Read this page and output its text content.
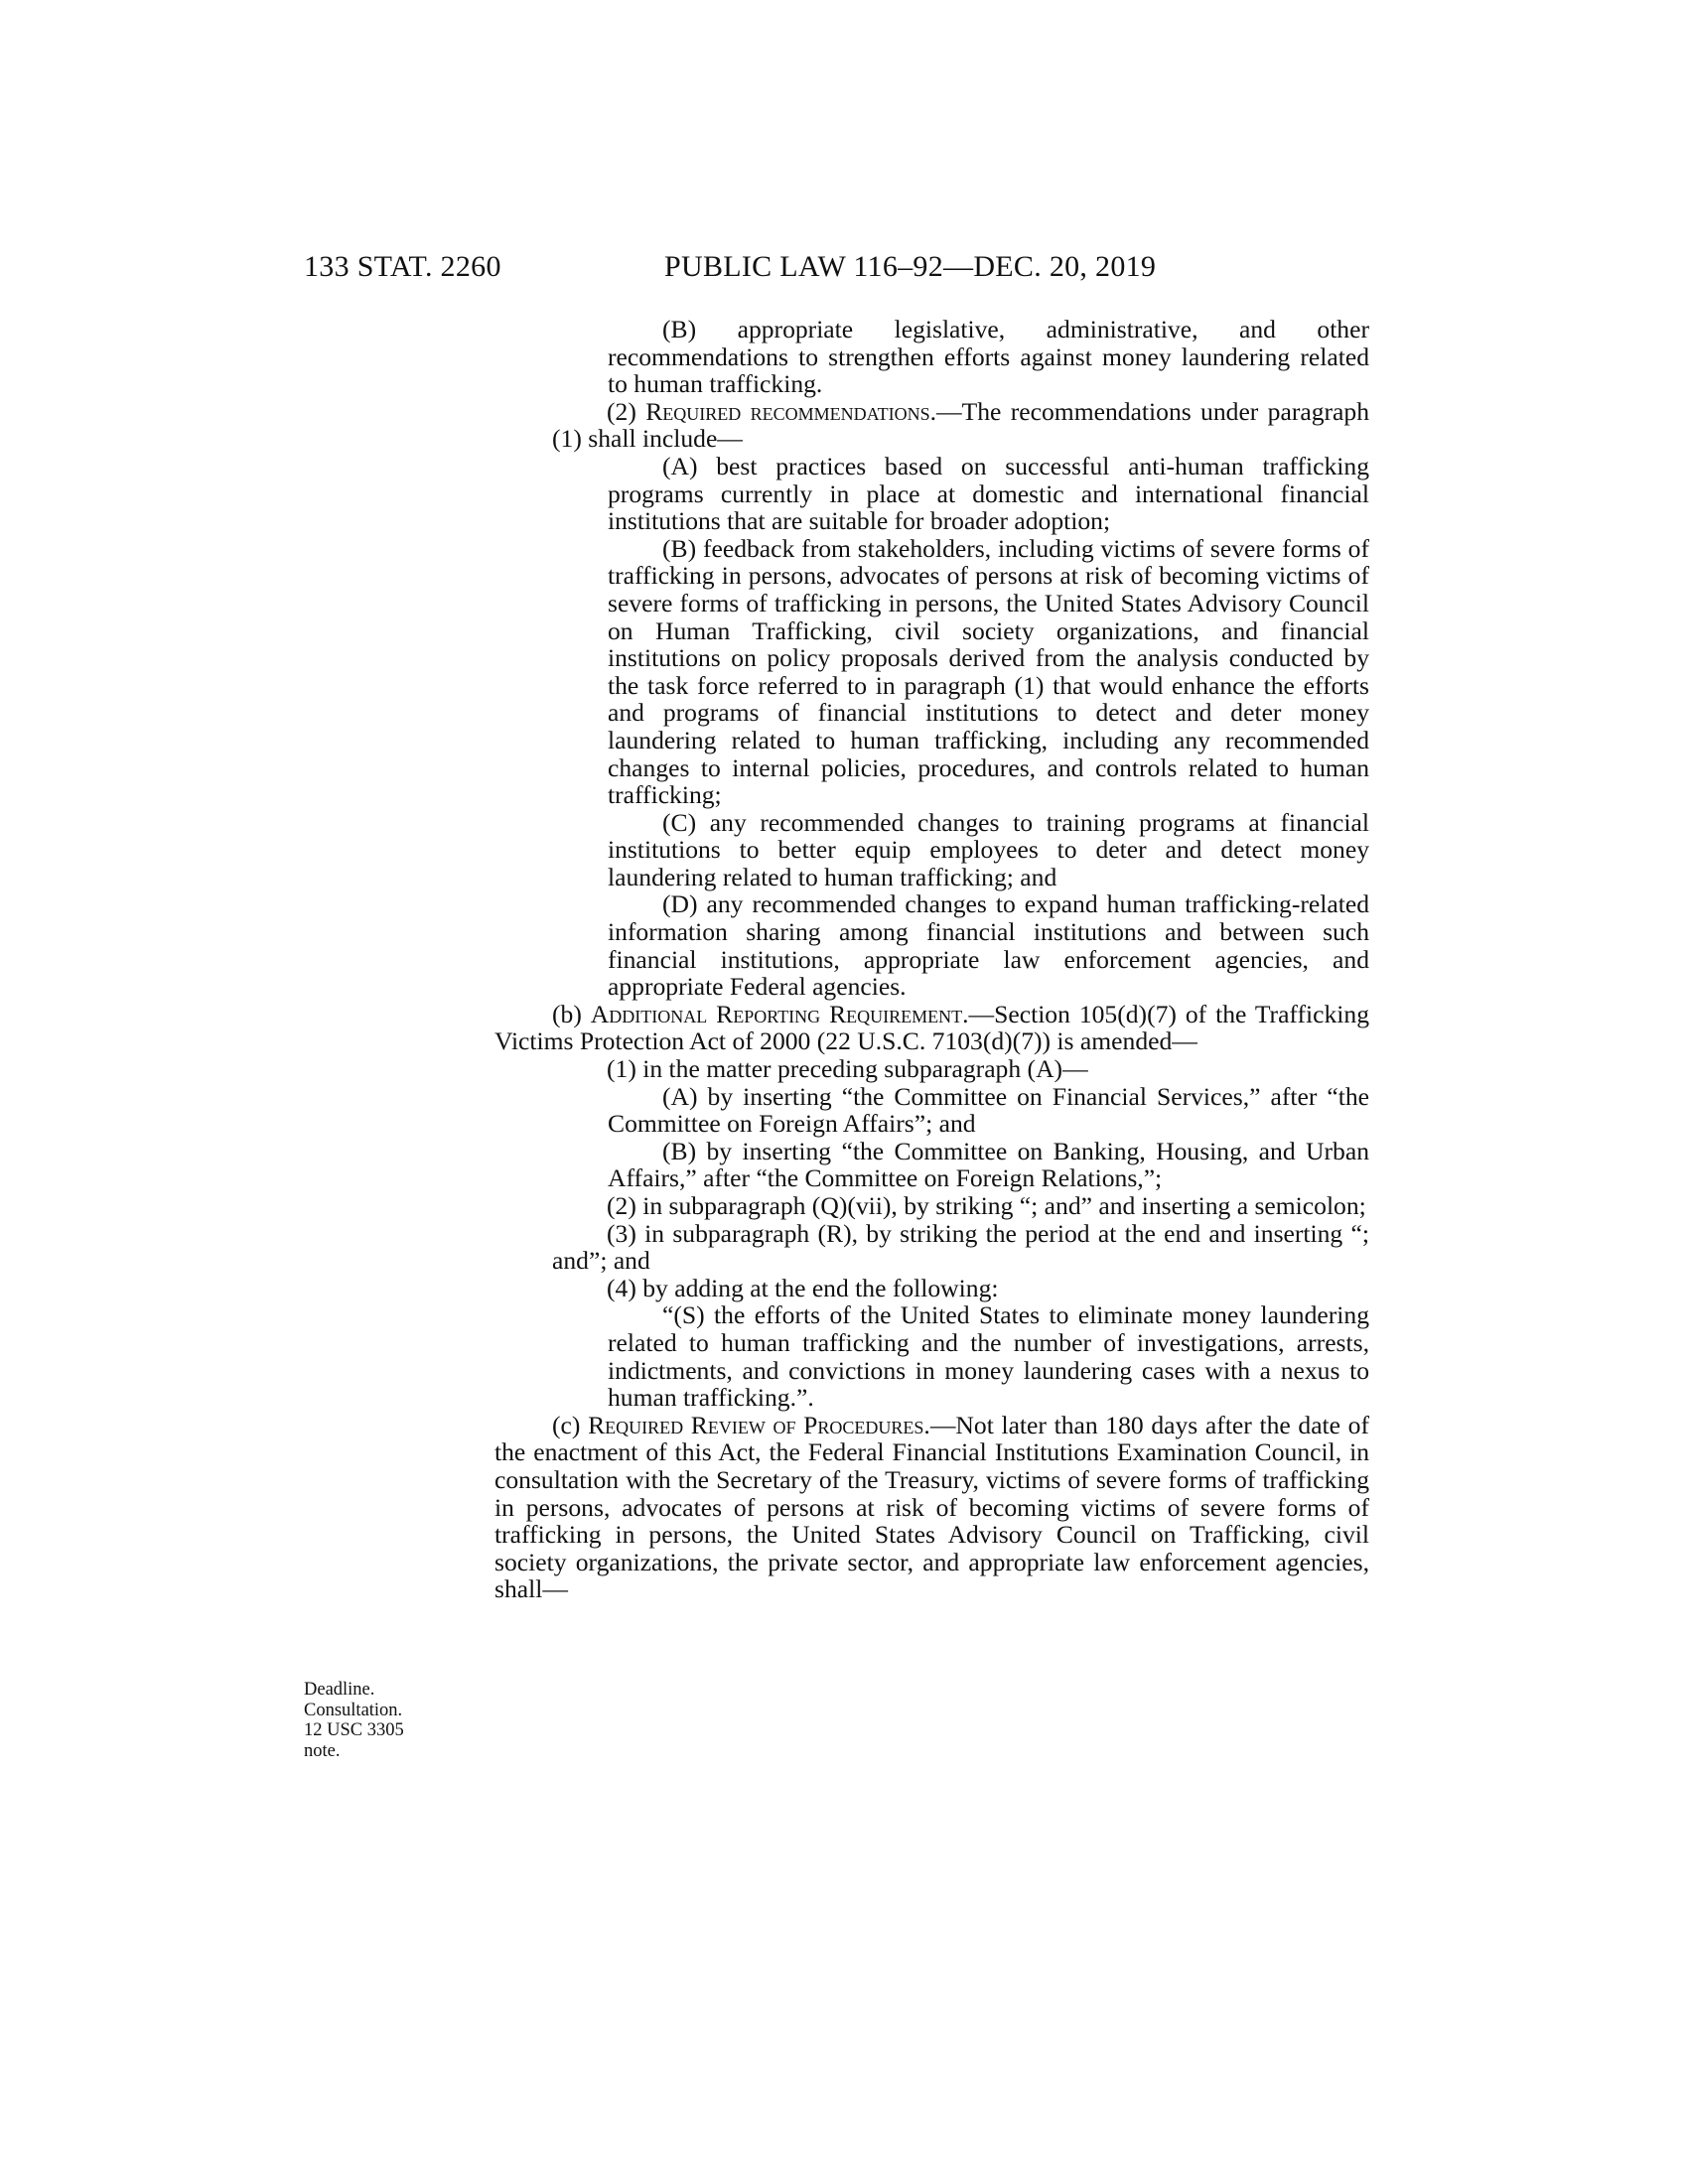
133 STAT. 2260	PUBLIC LAW 116–92—DEC. 20, 2019
Deadline.
Consultation.
12 USC 3305
note.

(B) appropriate legislative, administrative, and other recommendations to strengthen efforts against money laundering related to human trafficking.

(2) Required recommendations.—The recommendations under paragraph (1) shall include—

(A) best practices based on successful anti-human trafficking programs currently in place at domestic and international financial institutions that are suitable for broader adoption;

(B) feedback from stakeholders, including victims of severe forms of trafficking in persons, advocates of persons at risk of becoming victims of severe forms of trafficking in persons, the United States Advisory Council on Human Trafficking, civil society organizations, and financial institutions on policy proposals derived from the analysis conducted by the task force referred to in paragraph (1) that would enhance the efforts and programs of financial institutions to detect and deter money laundering related to human trafficking, including any recommended changes to internal policies, procedures, and controls related to human trafficking;

(C) any recommended changes to training programs at financial institutions to better equip employees to deter and detect money laundering related to human trafficking; and

(D) any recommended changes to expand human trafficking-related information sharing among financial institutions and between such financial institutions, appropriate law enforcement agencies, and appropriate Federal agencies.

(b) Additional Reporting Requirement.—Section 105(d)(7) of the Trafficking Victims Protection Act of 2000 (22 U.S.C. 7103(d)(7)) is amended—

(1) in the matter preceding subparagraph (A)—

(A) by inserting “the Committee on Financial Services,” after “the Committee on Foreign Affairs”; and

(B) by inserting “the Committee on Banking, Housing, and Urban Affairs,” after “the Committee on Foreign Relations,”;

(2) in subparagraph (Q)(vii), by striking “; and” and inserting a semicolon;

(3) in subparagraph (R), by striking the period at the end and inserting “; and”; and

(4) by adding at the end the following:

“(S) the efforts of the United States to eliminate money laundering related to human trafficking and the number of investigations, arrests, indictments, and convictions in money laundering cases with a nexus to human trafficking.”.

(c) Required Review of Procedures.—Not later than 180 days after the date of the enactment of this Act, the Federal Financial Institutions Examination Council, in consultation with the Secretary of the Treasury, victims of severe forms of trafficking in persons, advocates of persons at risk of becoming victims of severe forms of trafficking in persons, the United States Advisory Council on Trafficking, civil society organizations, the private sector, and appropriate law enforcement agencies, shall—
